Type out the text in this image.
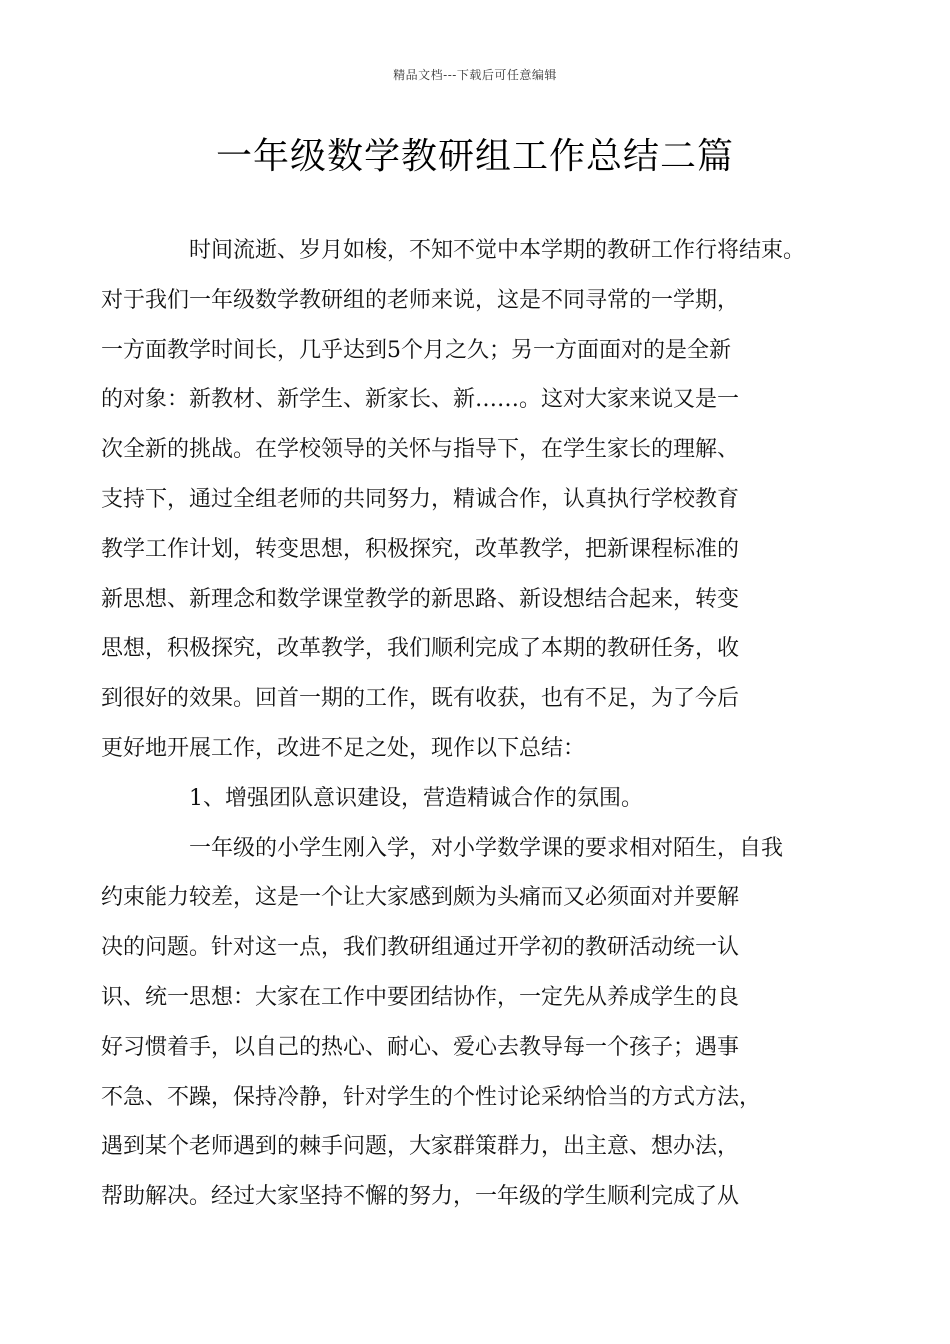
精品文档---下载后可任意编辑
一年级数学教研组工作总结二篇

时间流逝、岁月如梭，不知不觉中本学期的教研工作行将结束。
对于我们一年级数学教研组的老师来说，这是不同寻常的一学期，
一方面教学时间长，几乎达到5个月之久；另一方面面对的是全新
的对象：新教材、新学生、新家长、新……。这对大家来说又是一
次全新的挑战。在学校领导的关怀与指导下，在学生家长的理解、
支持下，通过全组老师的共同努力，精诚合作，认真执行学校教育
教学工作计划，转变思想，积极探究，改革教学，把新课程标准的
新思想、新理念和数学课堂教学的新思路、新设想结合起来，转变
思想，积极探究，改革教学，我们顺利完成了本期的教研任务，收
到很好的效果。回首一期的工作，既有收获，也有不足，为了今后
更好地开展工作，改进不足之处，现作以下总结：

1、增强团队意识建设，营造精诚合作的氛围。

一年级的小学生刚入学，对小学数学课的要求相对陌生，自我
约束能力较差，这是一个让大家感到颇为头痛而又必须面对并要解
决的问题。针对这一点，我们教研组通过开学初的教研活动统一认
识、统一思想：大家在工作中要团结协作，一定先从养成学生的良
好习惯着手，以自己的热心、耐心、爱心去教导每一个孩子；遇事
不急、不躁，保持冷静，针对学生的个性讨论采纳恰当的方式方法，
遇到某个老师遇到的棘手问题，大家群策群力，出主意、想办法，
帮助解决。经过大家坚持不懈的努力，一年级的学生顺利完成了从
